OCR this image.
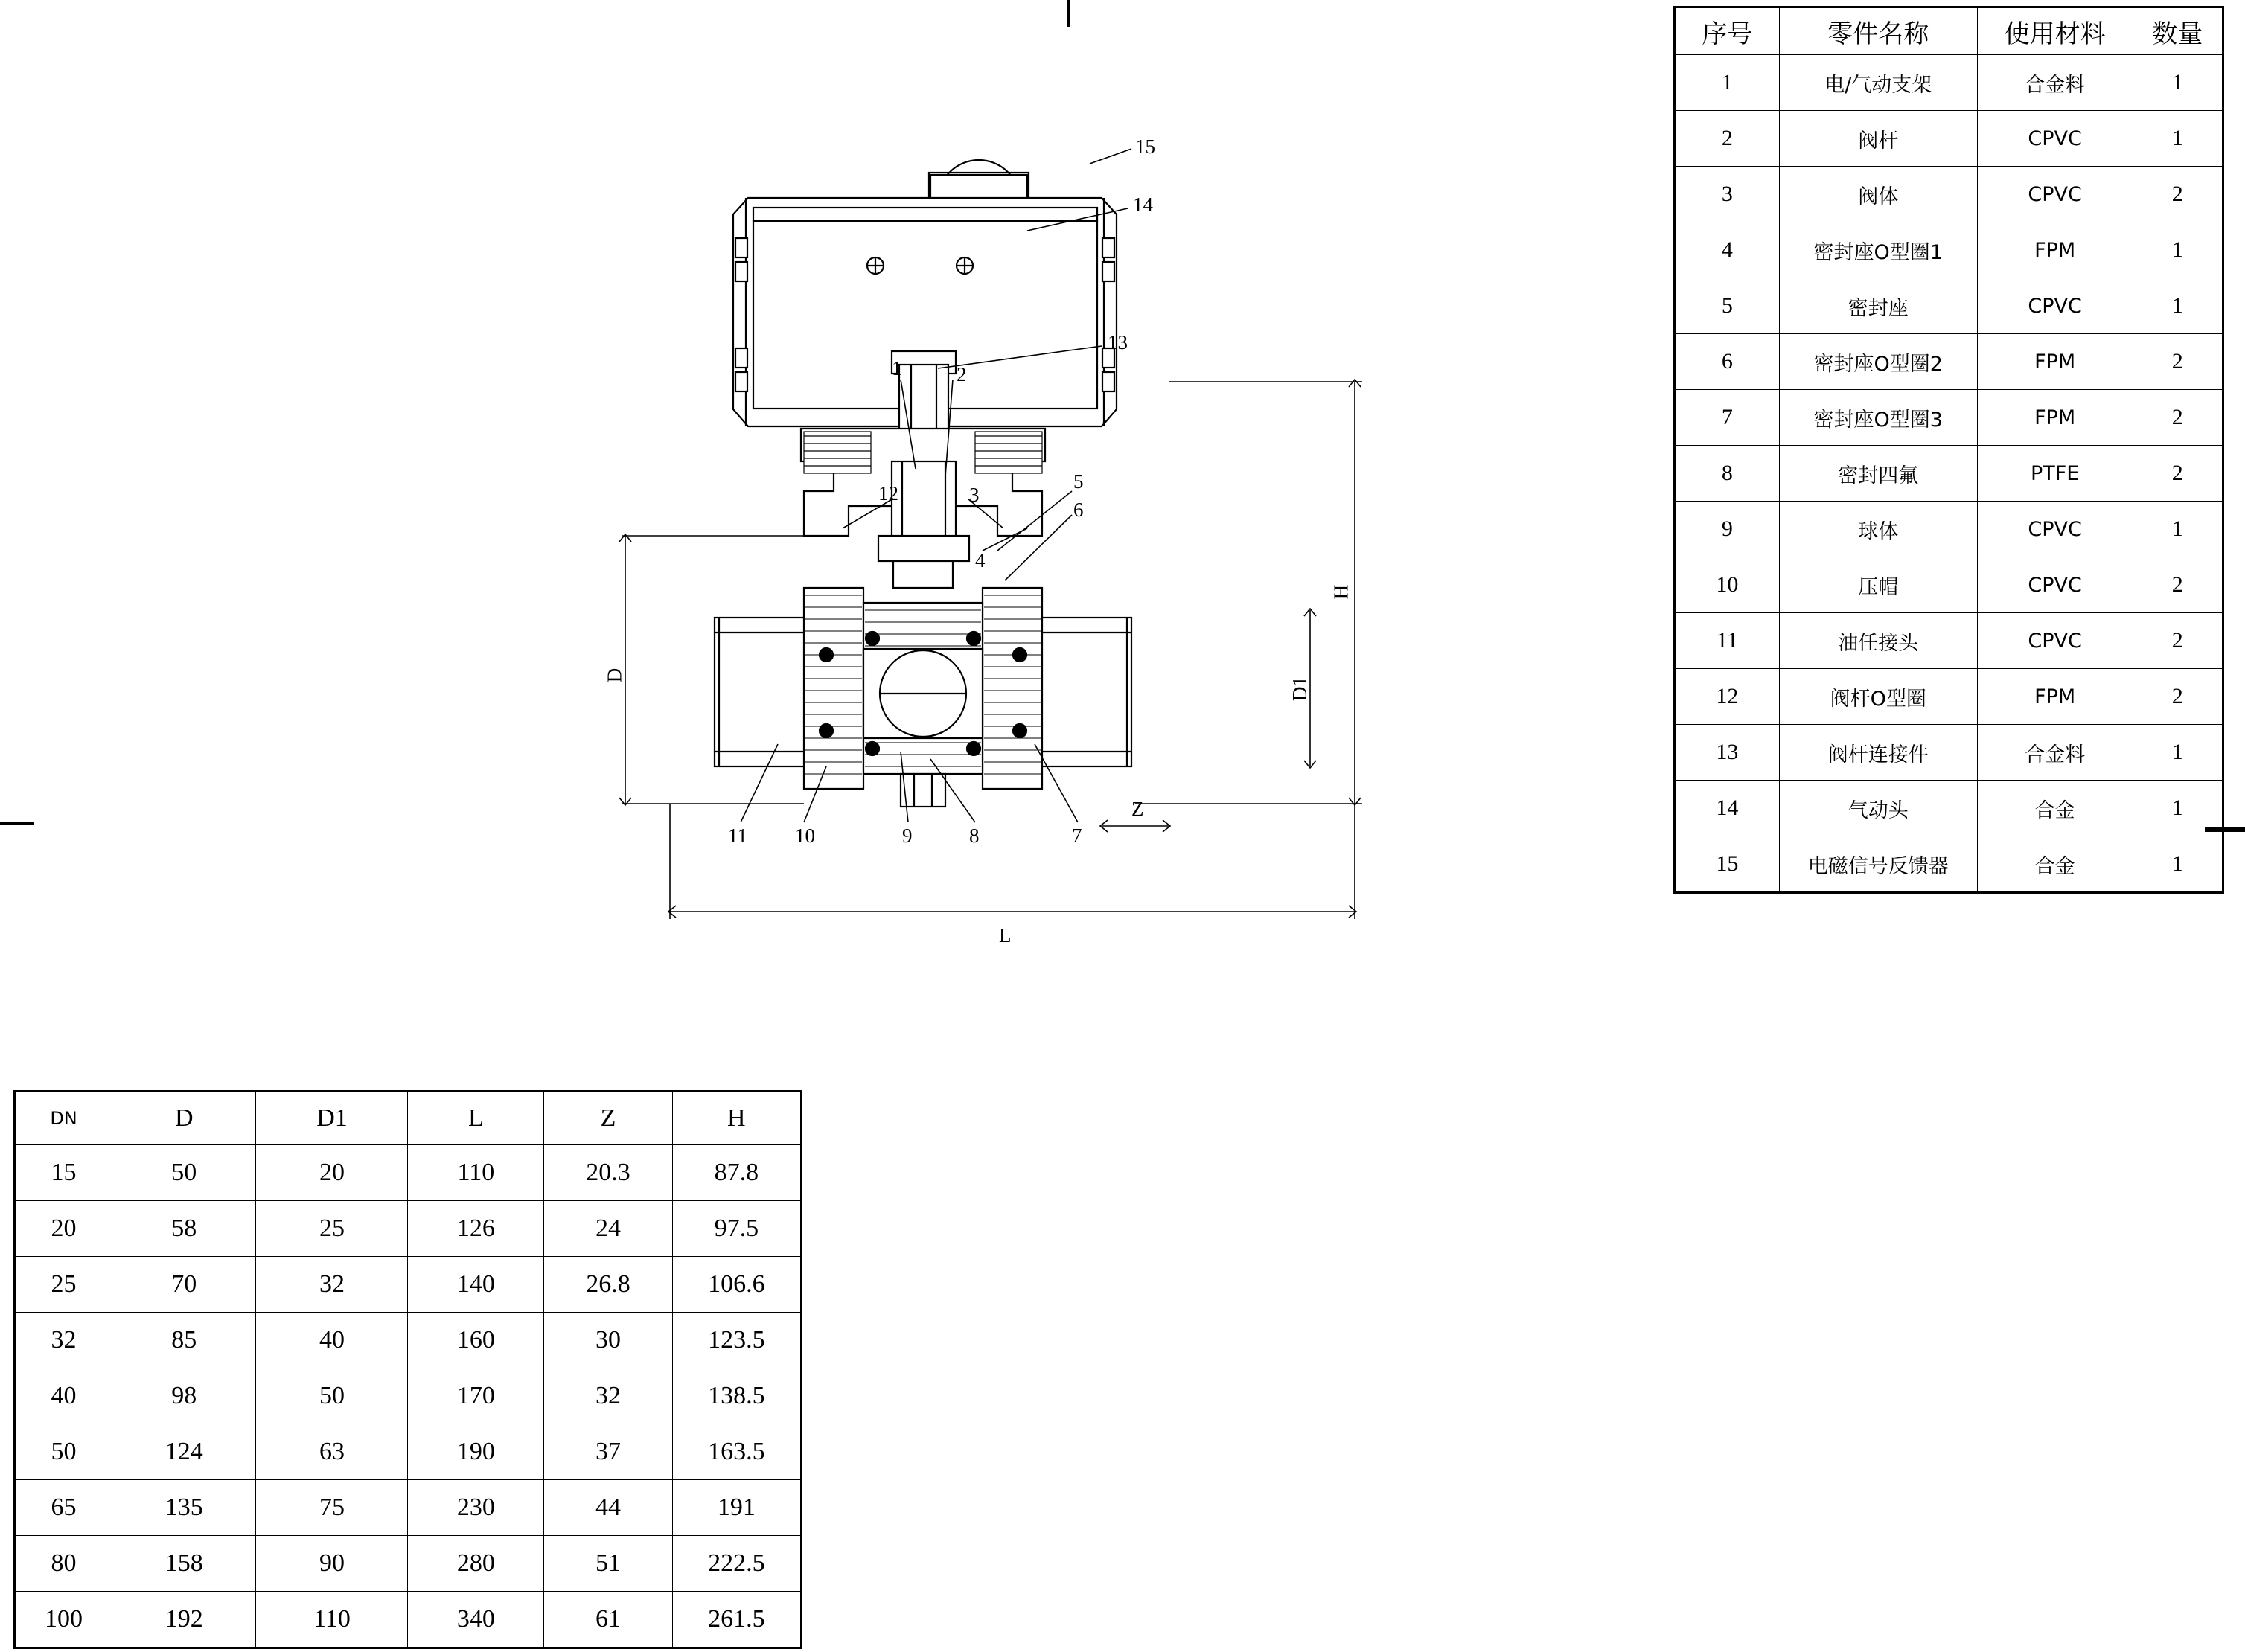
15
14
13
1	2
12	3
4
5
6
7
8
9
10
11
D
D1
H
L
Z
序号	零件名称	使用材料	数量
1	电/气动支架	合金料	1
2	阀杆	CPVC	1
3	阀体	CPVC	2
4	密封座O型圈1	FPM	1
5	密封座	CPVC	1
6	密封座O型圈2	FPM	2
7	密封座O型圈3	FPM	2
8	密封四氟	PTFE	2
9	球体	CPVC	1
10	压帽	CPVC	2
11	油任接头	CPVC	2
12	阀杆O型圈	FPM	2
13	阀杆连接件	合金料	1
14	气动头	合金	1
15	电磁信号反馈器	合金	1
DN	D	D1	L	Z	H
15	50	20	110	20.3	87.8
20	58	25	126	24	97.5
25	70	32	140	26.8	106.6
32	85	40	160	30	123.5
40	98	50	170	32	138.5
50	124	63	190	37	163.5
65	135	75	230	44	191
80	158	90	280	51	222.5
100	192	110	340	61	261.5
